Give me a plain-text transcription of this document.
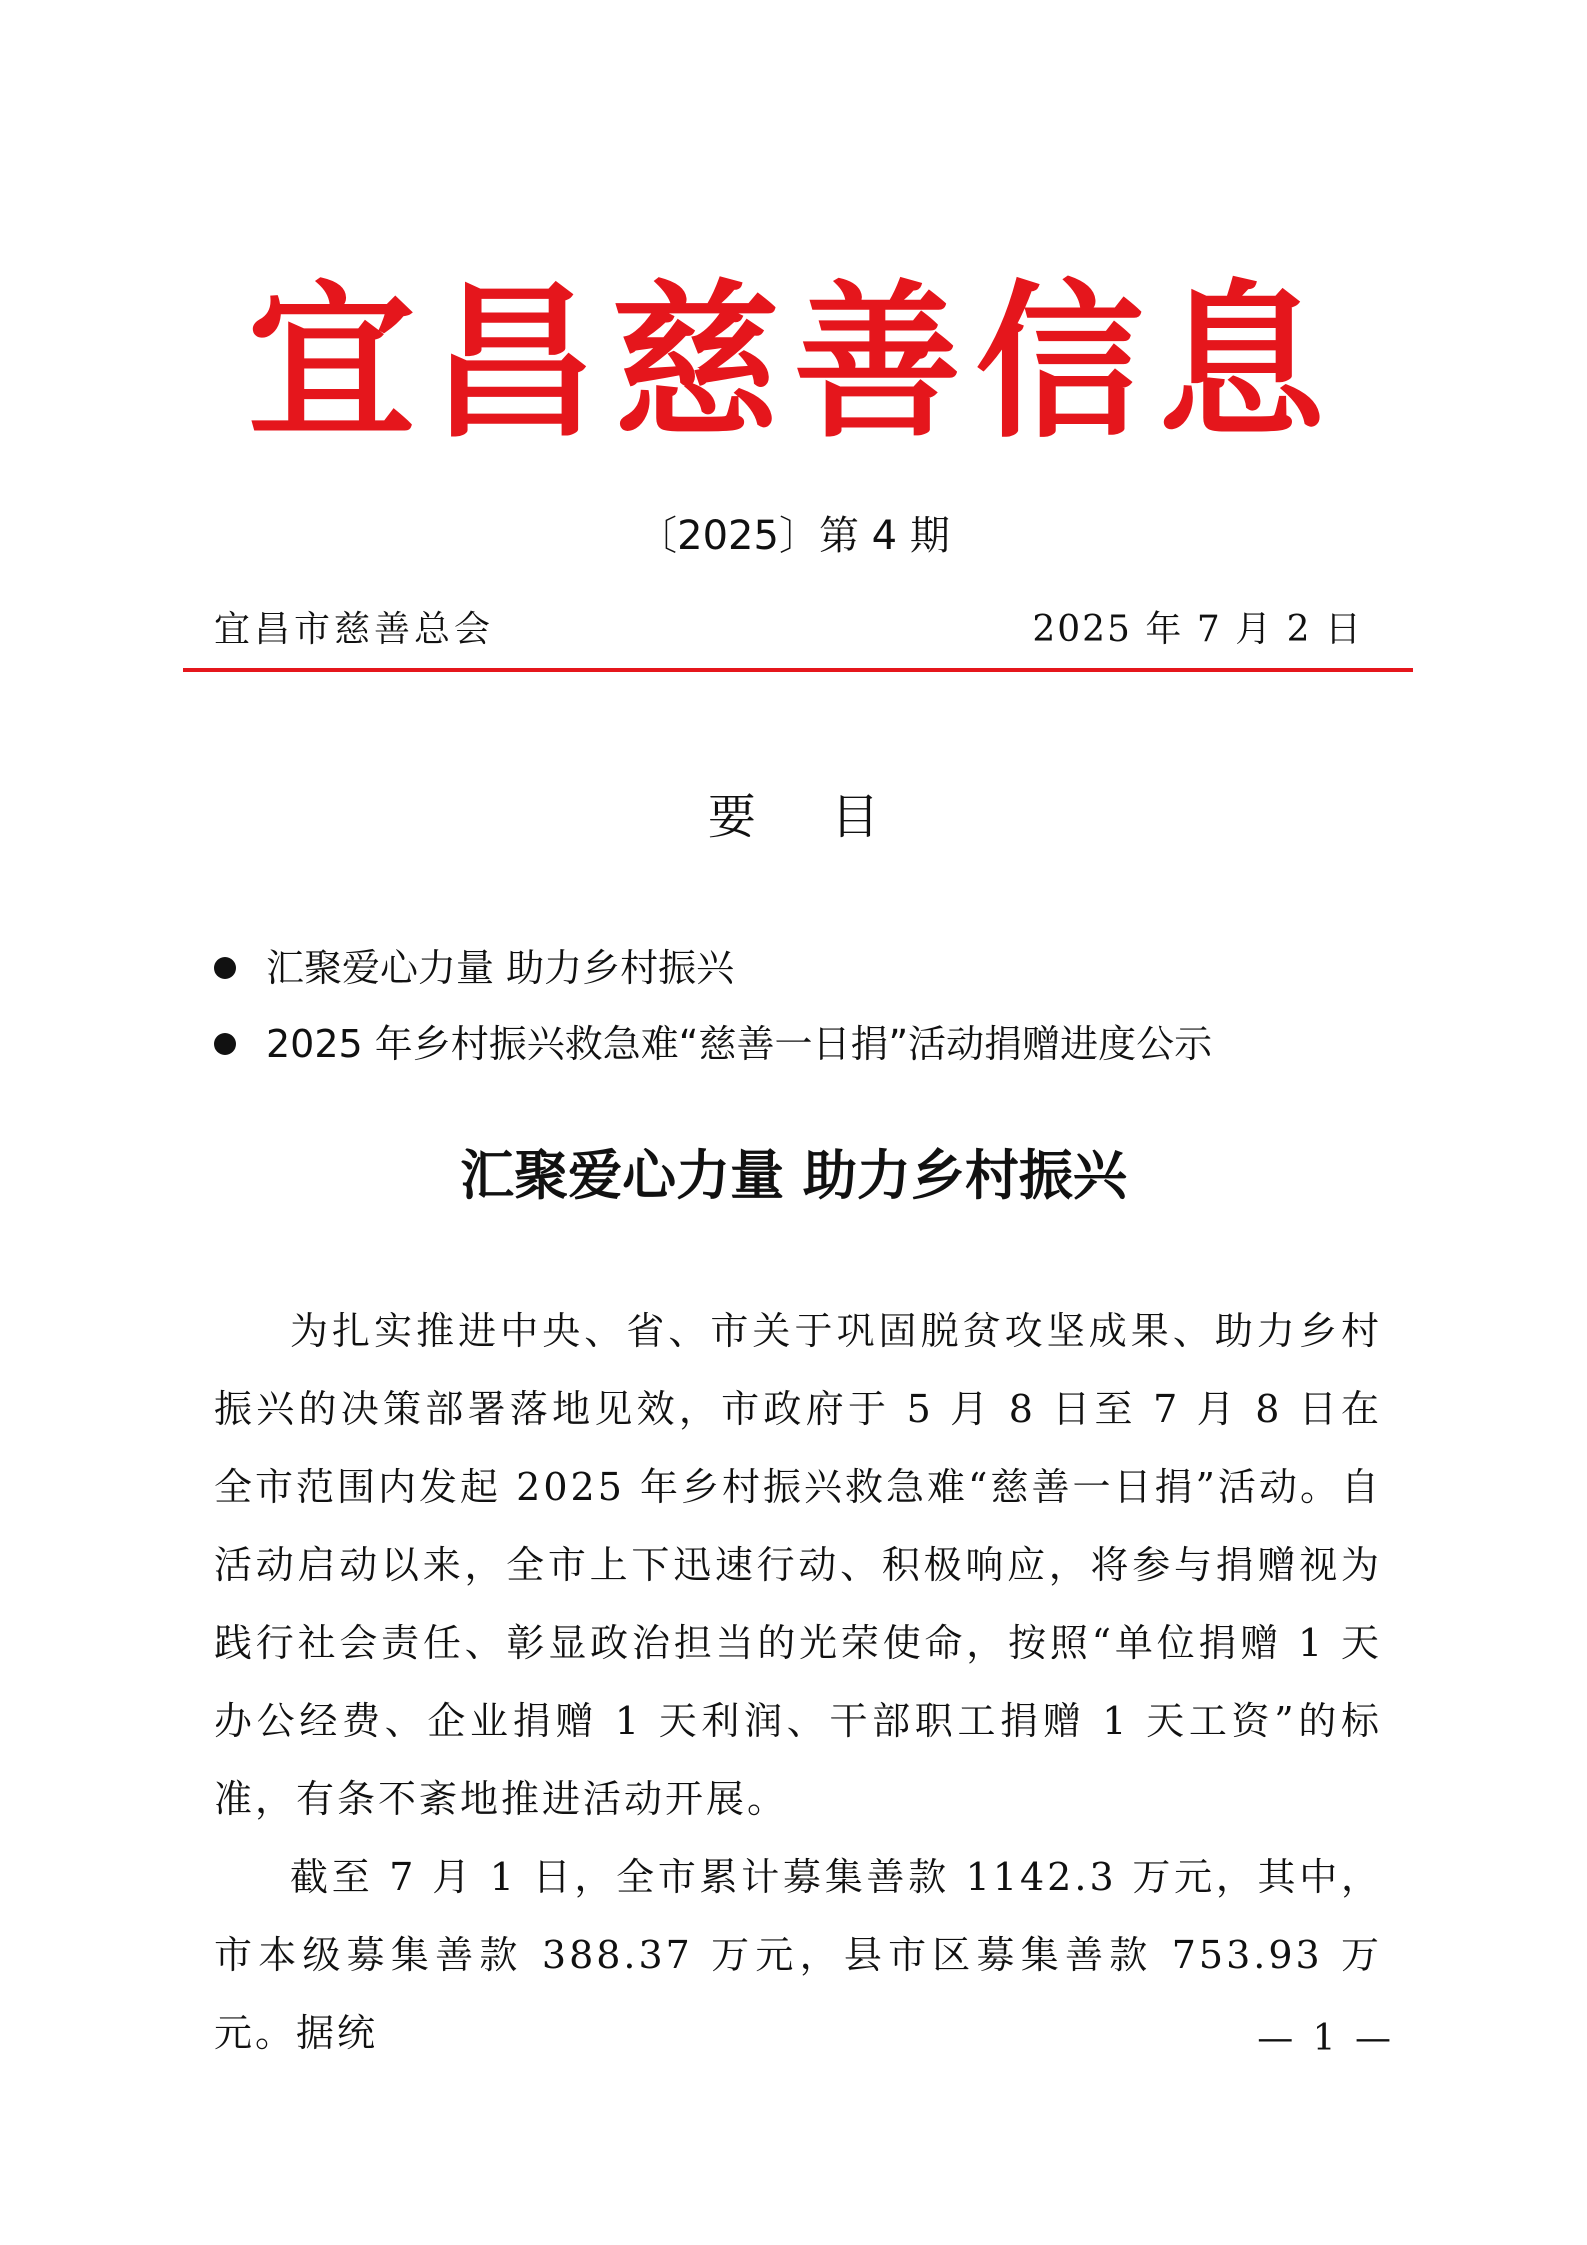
宜昌慈善信息
〔2025〕第 4 期
宜昌市慈善总会	2025 年 7 月 2 日
要 目
汇聚爱心力量 助力乡村振兴
2025 年乡村振兴救急难“慈善一日捐”活动捐赠进度公示
汇聚爱心力量 助力乡村振兴

为扎实推进中央、省、市关于巩固脱贫攻坚成果、助力乡村振兴的决策部署落地见效，市政府于 5 月 8 日至 7 月 8 日在全市范围内发起 2025 年乡村振兴救急难“慈善一日捐”活动。自活动启动以来，全市上下迅速行动、积极响应，将参与捐赠视为践行社会责任、彰显政治担当的光荣使命，按照“单位捐赠 1 天办公经费、企业捐赠 1 天利润、干部职工捐赠 1 天工资”的标准，有条不紊地推进活动开展。

截至 7 月 1 日，全市累计募集善款 1142.3 万元，其中，市本级募集善款 388.37 万元，县市区募集善款 753.93 万元。据统	— 1 —
